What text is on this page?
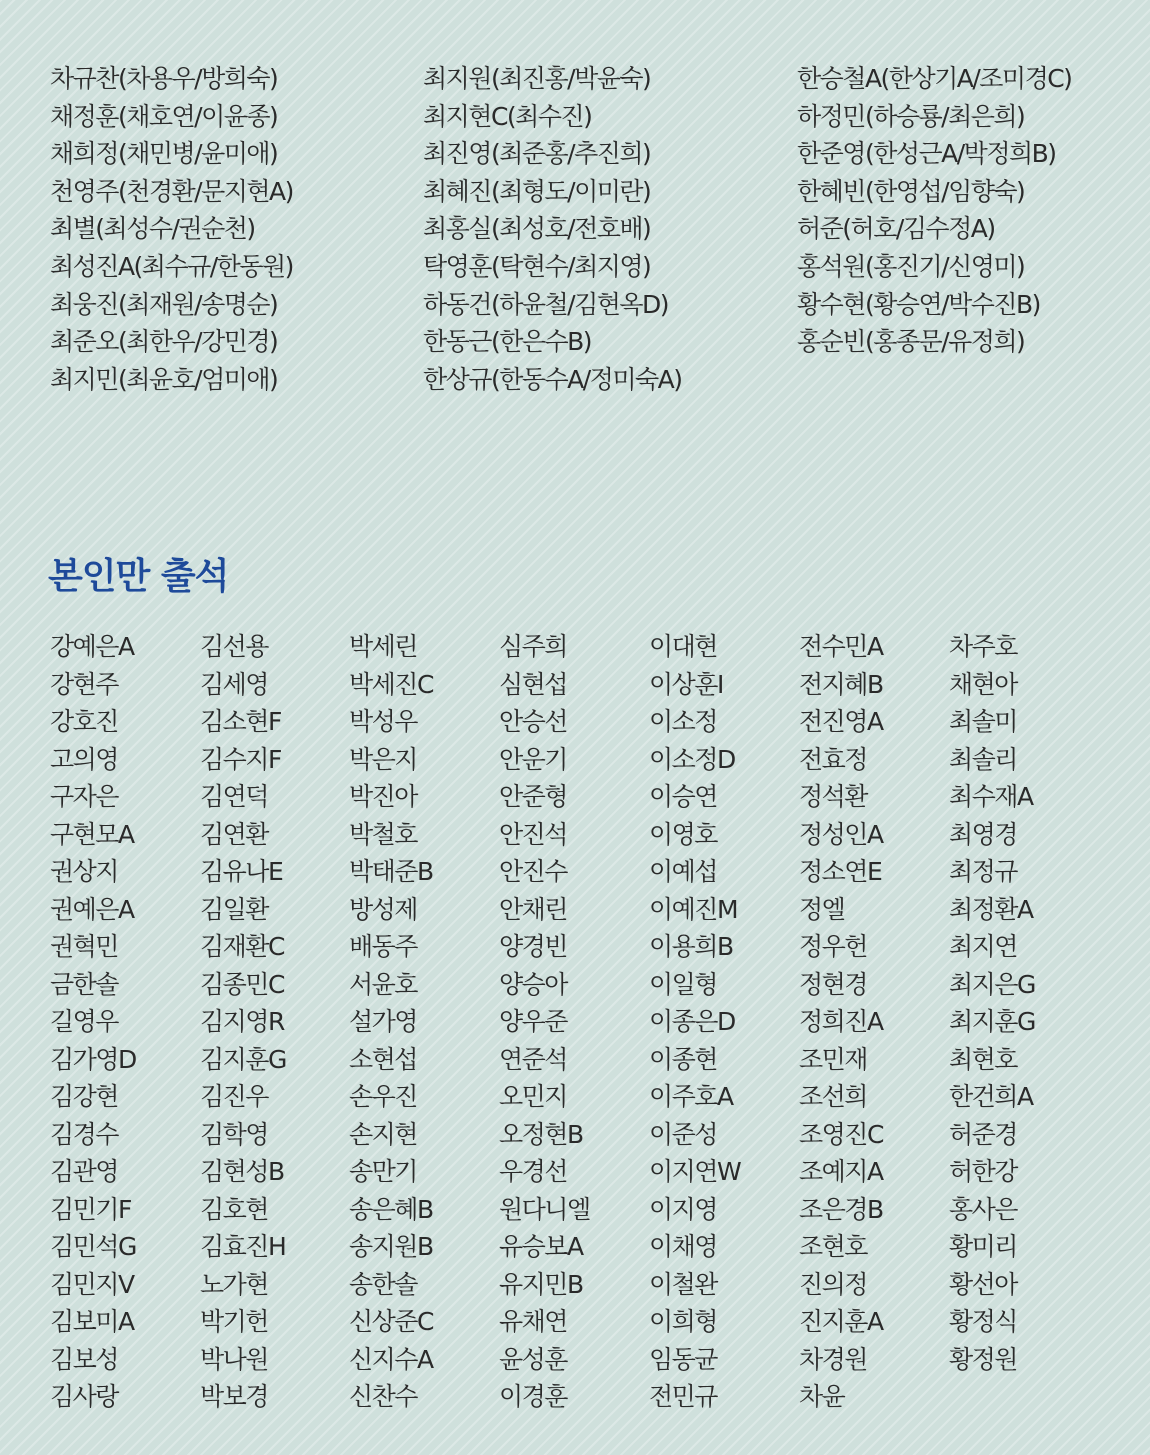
차규찬(차용우/방희숙)
채정훈(채호연/이윤종)
채희정(채민병/윤미애)
천영주(천경환/문지현A)
최별(최성수/권순천)
최성진A(최수규/한동원)
최웅진(최재원/송명순)
최준오(최한우/강민경)
최지민(최윤호/엄미애)
최지원(최진홍/박윤숙)
최지현C(최수진)
최진영(최준홍/추진희)
최혜진(최형도/이미란)
최홍실(최성호/전호배)
탁영훈(탁현수/최지영)
하동건(하윤철/김현옥D)
한동근(한은수B)
한상규(한동수A/정미숙A)
한승철A(한상기A/조미경C)
하정민(하승룡/최은희)
한준영(한성근A/박정희B)
한혜빈(한영섭/임향숙)
허준(허호/김수정A)
홍석원(홍진기/신영미)
황수현(황승연/박수진B)
홍순빈(홍종문/유정희)
본인만 출석
강예은A
강현주
강호진
고의영
구자은
구현모A
권상지
권예은A
권혁민
금한솔
길영우
김가영D
김강현
김경수
김관영
김민기F
김민석G
김민지V
김보미A
김보성
김사랑
김선용
김세영
김소현F
김수지F
김연덕
김연환
김유나E
김일환
김재환C
김종민C
김지영R
김지훈G
김진우
김학영
김현성B
김호현
김효진H
노가현
박기헌
박나원
박보경
박세린
박세진C
박성우
박은지
박진아
박철호
박태준B
방성제
배동주
서윤호
설가영
소현섭
손우진
손지현
송만기
송은혜B
송지원B
송한솔
신상준C
신지수A
신찬수
심주희
심현섭
안승선
안운기
안준형
안진석
안진수
안채린
양경빈
양승아
양우준
연준석
오민지
오정현B
우경선
원다니엘
유승보A
유지민B
유채연
윤성훈
이경훈
이대현
이상훈I
이소정
이소정D
이승연
이영호
이예섭
이예진M
이용희B
이일형
이종은D
이종현
이주호A
이준성
이지연W
이지영
이채영
이철완
이희형
임동균
전민규
전수민A
전지혜B
전진영A
전효정
정석환
정성인A
정소연E
정엘
정우헌
정현경
정희진A
조민재
조선희
조영진C
조예지A
조은경B
조현호
진의정
진지훈A
차경원
차윤
차주호
채현아
최솔미
최솔리
최수재A
최영경
최정규
최정환A
최지연
최지은G
최지훈G
최현호
한건희A
허준경
허한강
홍사은
황미리
황선아
황정식
황정원
